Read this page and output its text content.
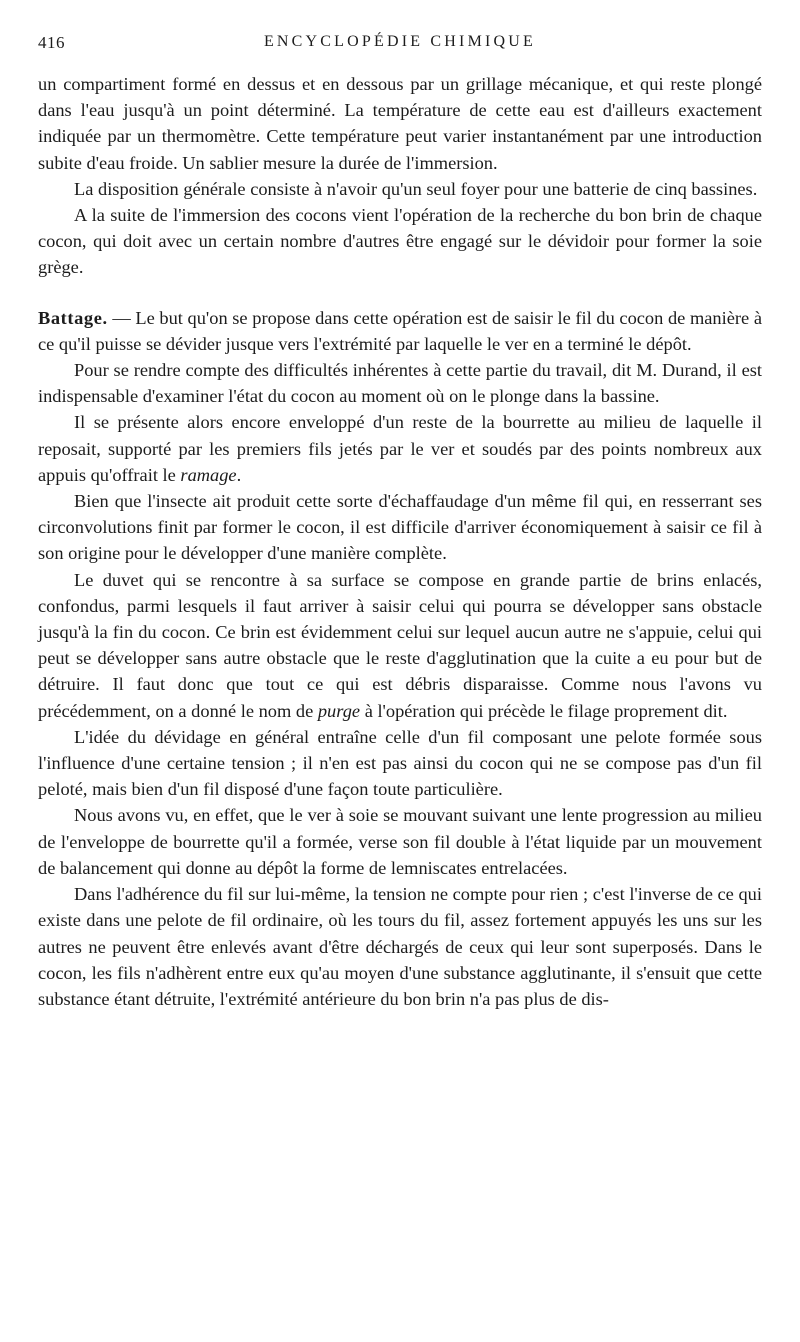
416	ENCYCLOPÉDIE CHIMIQUE

un compartiment formé en dessus et en dessous par un grillage mécanique, et qui reste plongé dans l'eau jusqu'à un point déterminé. La température de cette eau est d'ailleurs exactement indiquée par un thermomètre. Cette température peut varier instantanément par une introduction subite d'eau froide. Un sablier mesure la durée de l'immersion.

La disposition générale consiste à n'avoir qu'un seul foyer pour une batterie de cinq bassines.

A la suite de l'immersion des cocons vient l'opération de la recherche du bon brin de chaque cocon, qui doit avec un certain nombre d'autres être engagé sur le dévidoir pour former la soie grège.

Battage. — Le but qu'on se propose dans cette opération est de saisir le fil du cocon de manière à ce qu'il puisse se dévider jusque vers l'extrémité par laquelle le ver en a terminé le dépôt.

Pour se rendre compte des difficultés inhérentes à cette partie du travail, dit M. Durand, il est indispensable d'examiner l'état du cocon au moment où on le plonge dans la bassine.

Il se présente alors encore enveloppé d'un reste de la bourrette au milieu de laquelle il reposait, supporté par les premiers fils jetés par le ver et soudés par des points nombreux aux appuis qu'offrait le ramage.

Bien que l'insecte ait produit cette sorte d'échaffaudage d'un même fil qui, en resserrant ses circonvolutions finit par former le cocon, il est difficile d'arriver économiquement à saisir ce fil à son origine pour le développer d'une manière complète.

Le duvet qui se rencontre à sa surface se compose en grande partie de brins enlacés, confondus, parmi lesquels il faut arriver à saisir celui qui pourra se développer sans obstacle jusqu'à la fin du cocon. Ce brin est évidemment celui sur lequel aucun autre ne s'appuie, celui qui peut se développer sans autre obstacle que le reste d'agglutination que la cuite a eu pour but de détruire. Il faut donc que tout ce qui est débris disparaisse. Comme nous l'avons vu précédemment, on a donné le nom de purge à l'opération qui précède le filage proprement dit.

L'idée du dévidage en général entraîne celle d'un fil composant une pelote formée sous l'influence d'une certaine tension ; il n'en est pas ainsi du cocon qui ne se compose pas d'un fil peloté, mais bien d'un fil disposé d'une façon toute particulière.

Nous avons vu, en effet, que le ver à soie se mouvant suivant une lente progression au milieu de l'enveloppe de bourrette qu'il a formée, verse son fil double à l'état liquide par un mouvement de balancement qui donne au dépôt la forme de lemniscates entrelacées.

Dans l'adhérence du fil sur lui-même, la tension ne compte pour rien ; c'est l'inverse de ce qui existe dans une pelote de fil ordinaire, où les tours du fil, assez fortement appuyés les uns sur les autres ne peuvent être enlevés avant d'être déchargés de ceux qui leur sont superposés. Dans le cocon, les fils n'adhèrent entre eux qu'au moyen d'une substance agglutinante, il s'ensuit que cette substance étant détruite, l'extrémité antérieure du bon brin n'a pas plus de dis-
